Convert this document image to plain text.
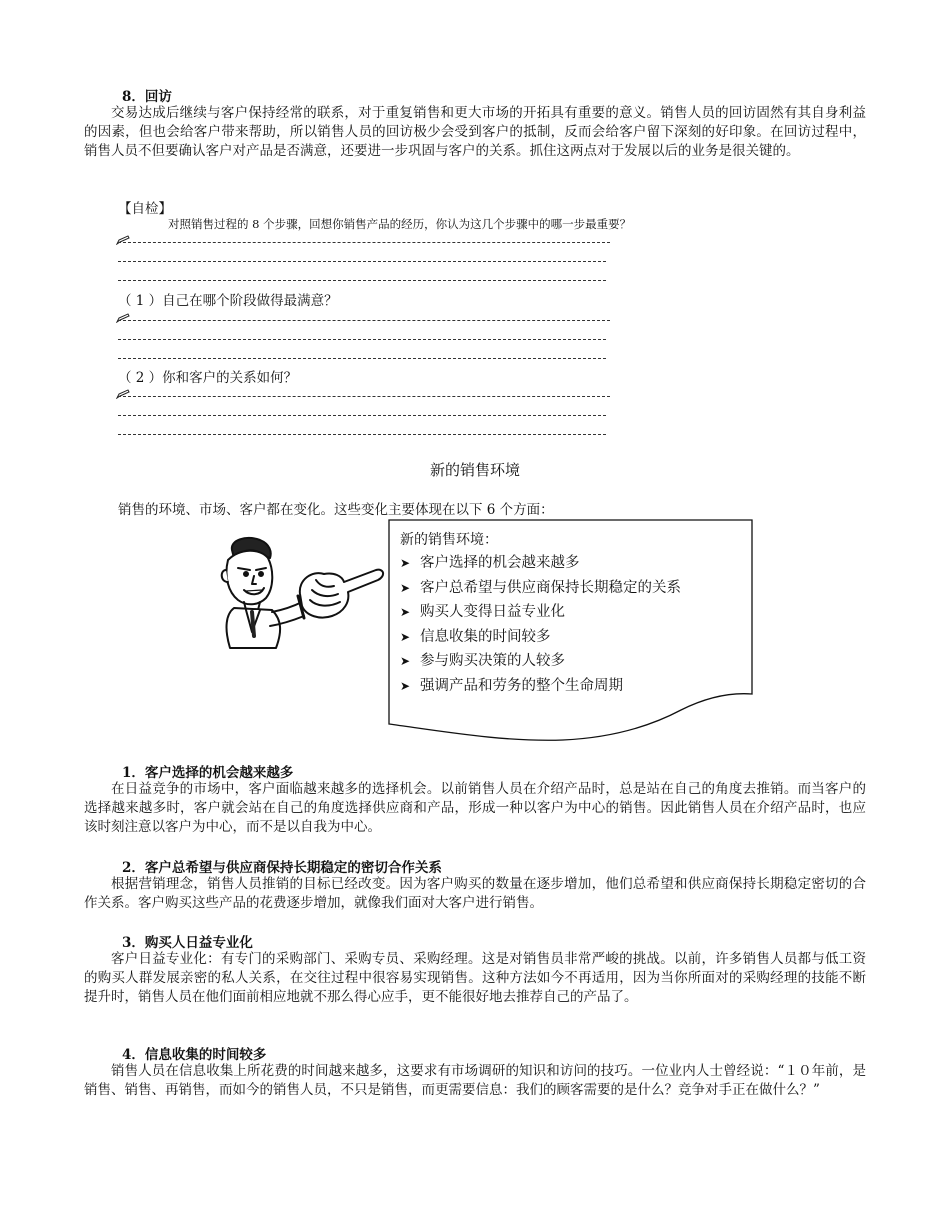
8．回访

交易达成后继续与客户保持经常的联系，对于重复销售和更大市场的开拓具有重要的意义。销售人员的回访固然有其自身利益的因素，但也会给客户带来帮助，所以销售人员的回访极少会受到客户的抵制，反而会给客户留下深刻的好印象。在回访过程中，销售人员不但要确认客户对产品是否满意，还要进一步巩固与客户的关系。抓住这两点对于发展以后的业务是很关键的。

【自检】

对照销售过程的 8 个步骤，回想你销售产品的经历，你认为这几个步骤中的哪一步最重要？

（ 1 ）自己在哪个阶段做得最满意？

（ 2 ）你和客户的关系如何？

新的销售环境

销售的环境、市场、客户都在变化。这些变化主要体现在以下 6 个方面：

新的销售环境：

➤ 客户选择的机会越来越多
➤ 客户总希望与供应商保持长期稳定的关系
➤ 购买人变得日益专业化
➤ 信息收集的时间较多
➤ 参与购买决策的人较多
➤ 强调产品和劳务的整个生命周期

1．客户选择的机会越来越多

在日益竞争的市场中，客户面临越来越多的选择机会。以前销售人员在介绍产品时，总是站在自己的角度去推销。而当客户的选择越来越多时，客户就会站在自己的角度选择供应商和产品，形成一种以客户为中心的销售。因此销售人员在介绍产品时，也应该时刻注意以客户为中心，而不是以自我为中心。

2．客户总希望与供应商保持长期稳定的密切合作关系

根据营销理念，销售人员推销的目标已经改变。因为客户购买的数量在逐步增加，他们总希望和供应商保持长期稳定密切的合作关系。客户购买这些产品的花费逐步增加，就像我们面对大客户进行销售。

3．购买人日益专业化

客户日益专业化：有专门的采购部门、采购专员、采购经理。这是对销售员非常严峻的挑战。以前，许多销售人员都与低工资的购买人群发展亲密的私人关系，在交往过程中很容易实现销售。这种方法如今不再适用，因为当你所面对的采购经理的技能不断提升时，销售人员在他们面前相应地就不那么得心应手，更不能很好地去推荐自己的产品了。

4．信息收集的时间较多

销售人员在信息收集上所花费的时间越来越多，这要求有市场调研的知识和访问的技巧。一位业内人士曾经说：“１０年前，是销售、销售、再销售，而如今的销售人员，不只是销售，而更需要信息：我们的顾客需要的是什么？竞争对手正在做什么？”
